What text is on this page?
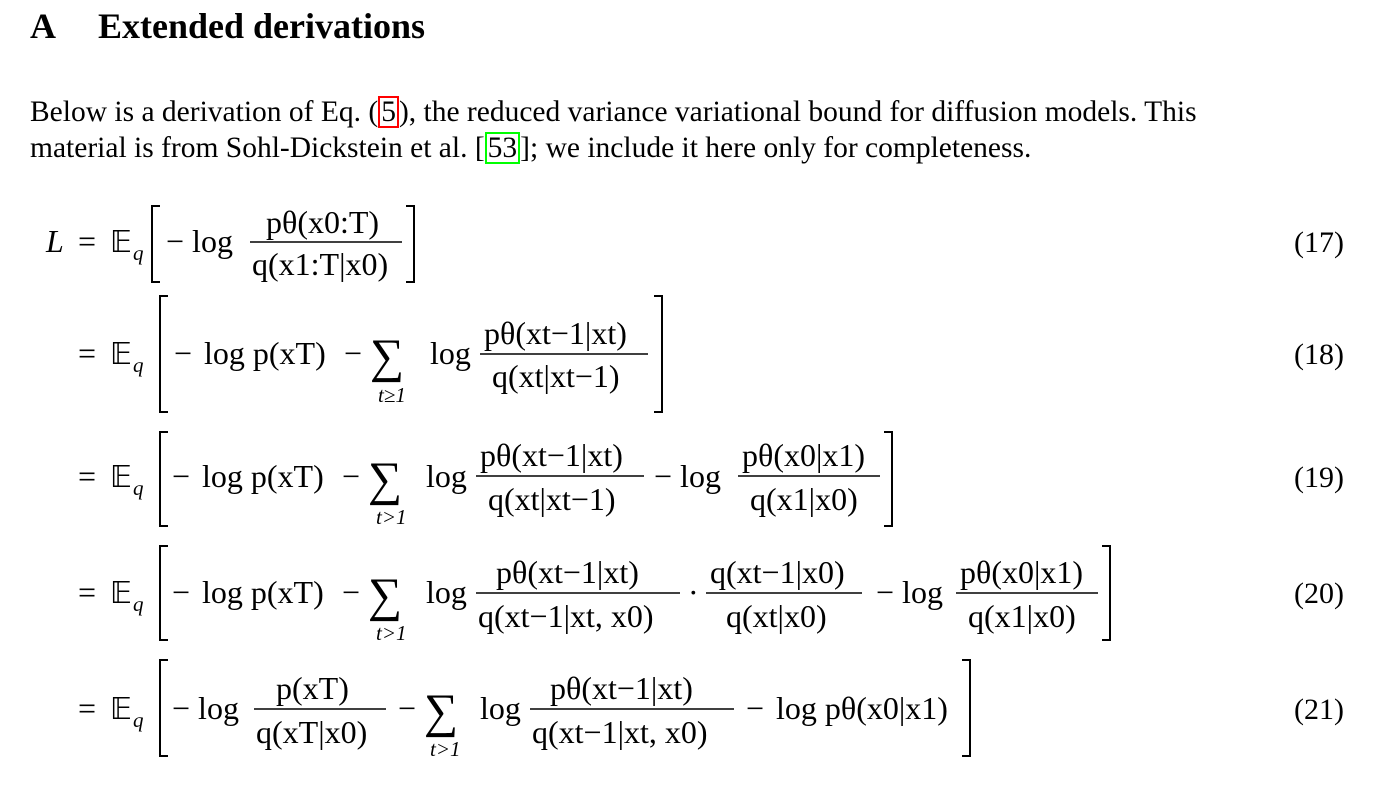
A Extended derivations
Below is a derivation of Eq. ( 5 ), the reduced variance variational bound for diffusion models. This
material is from Sohl-Dickstein et al. [ 53 ]; we include it here only for completeness.
L = 𝔼 q − log
pθ(x0:T)
q(x1:T|x0)
(17)
= 𝔼 q − log p(xT) − ∑
t≥1
log
pθ(xt−1|xt)
q(xt|xt−1)
(18)
= 𝔼 q − log p(xT) − ∑
t>1
log
pθ(xt−1|xt)
q(xt|xt−1)
− log
pθ(x0|x1)
q(x1|x0)
(19)
= 𝔼 q − log p(xT) − ∑
t>1
log
pθ(xt−1|xt)
q(xt−1|xt, x0)
·
q(xt−1|x0)
q(xt|x0)
− log
pθ(x0|x1)
q(x1|x0)
(20)
= 𝔼 q − log
p(xT)
q(xT|x0)
− ∑
t>1
log
pθ(xt−1|xt)
q(xt−1|xt, x0)
− log pθ(x0|x1)	(21)
